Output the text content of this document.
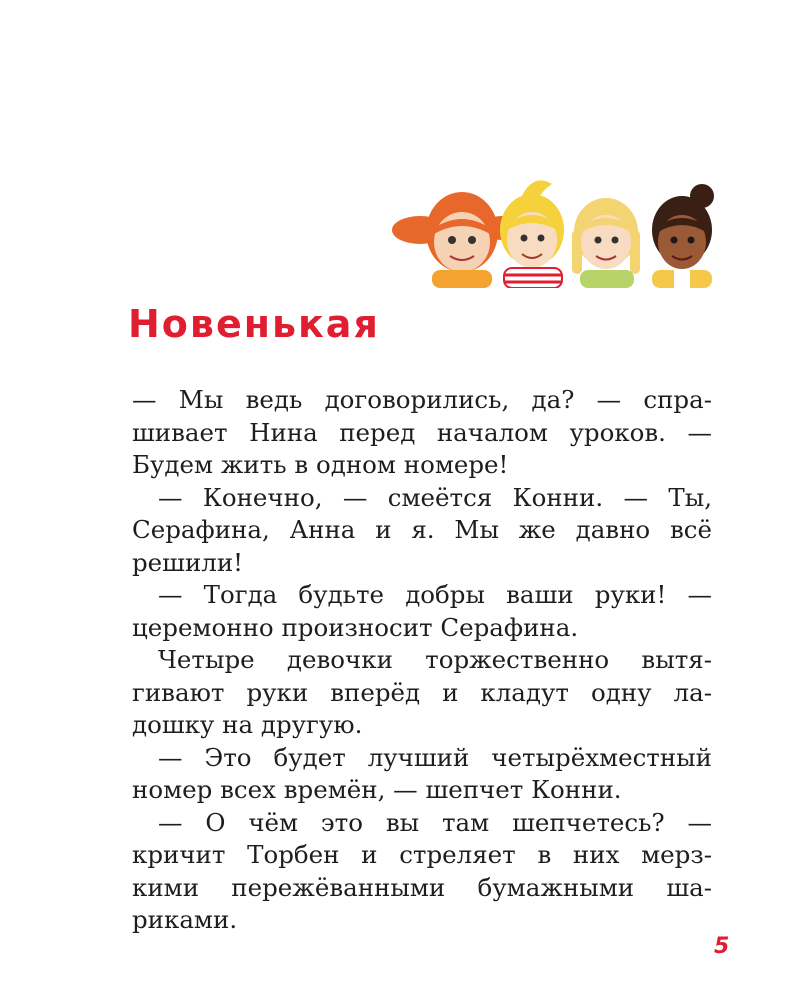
Новенькая

— Мы ведь договорились, да? — спра-
шивает Нина перед началом уроков. —
Будем жить в одном номере!

— Конечно, — смеётся Конни. — Ты,
Серафина, Анна и я. Мы же давно всё
решили!

— Тогда будьте добры ваши руки! —
церемонно произносит Серафина.

Четыре девочки торжественно вытя-
гивают руки вперёд и кладут одну ла-
дошку на другую.

— Это будет лучший четырёхместный
номер всех времён, — шепчет Конни.

— О чём это вы там шепчетесь? —
кричит Торбен и стреляет в них мерз-
кими пережёванными бумажными ша-
риками.

5
